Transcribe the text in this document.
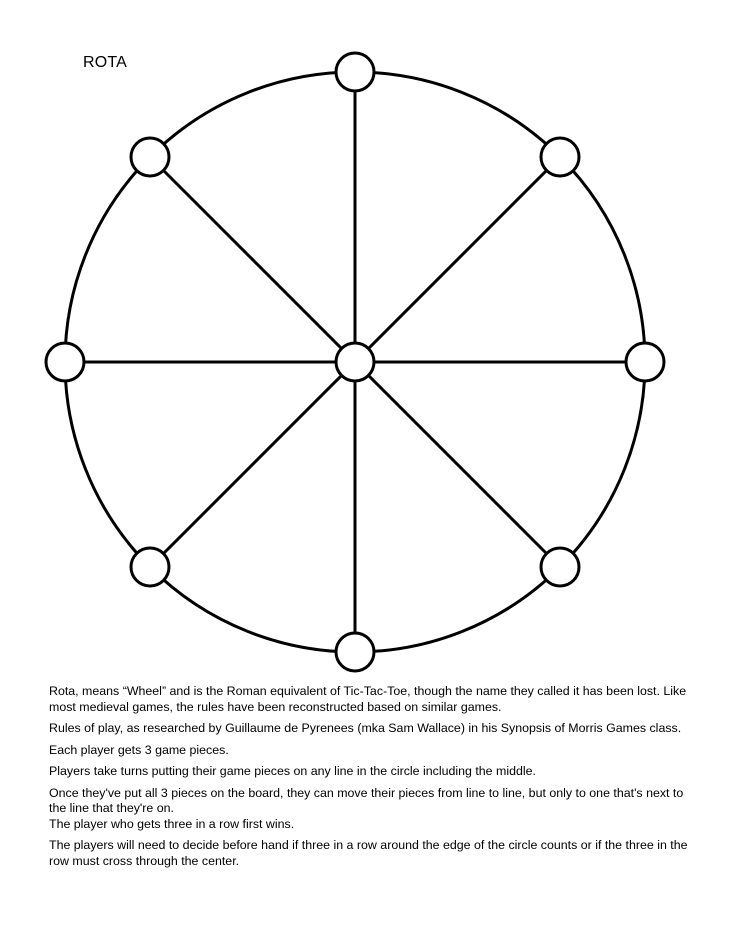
ROTA

Rota, means “Wheel” and is the Roman equivalent of Tic-Tac-Toe, though the name they called it has been lost. Like most medieval games, the rules have been reconstructed based on similar games.

Rules of play, as researched by Guillaume de Pyrenees (mka Sam Wallace) in his Synopsis of Morris Games class.

Each player gets 3 game pieces.

Players take turns putting their game pieces on any line in the circle including the middle.

Once they've put all 3 pieces on the board, they can move their pieces from line to line, but only to one that's next to the line that they're on.

The player who gets three in a row first wins.

The players will need to decide before hand if three in a row around the edge of the circle counts or if the three in the row must cross through the center.
